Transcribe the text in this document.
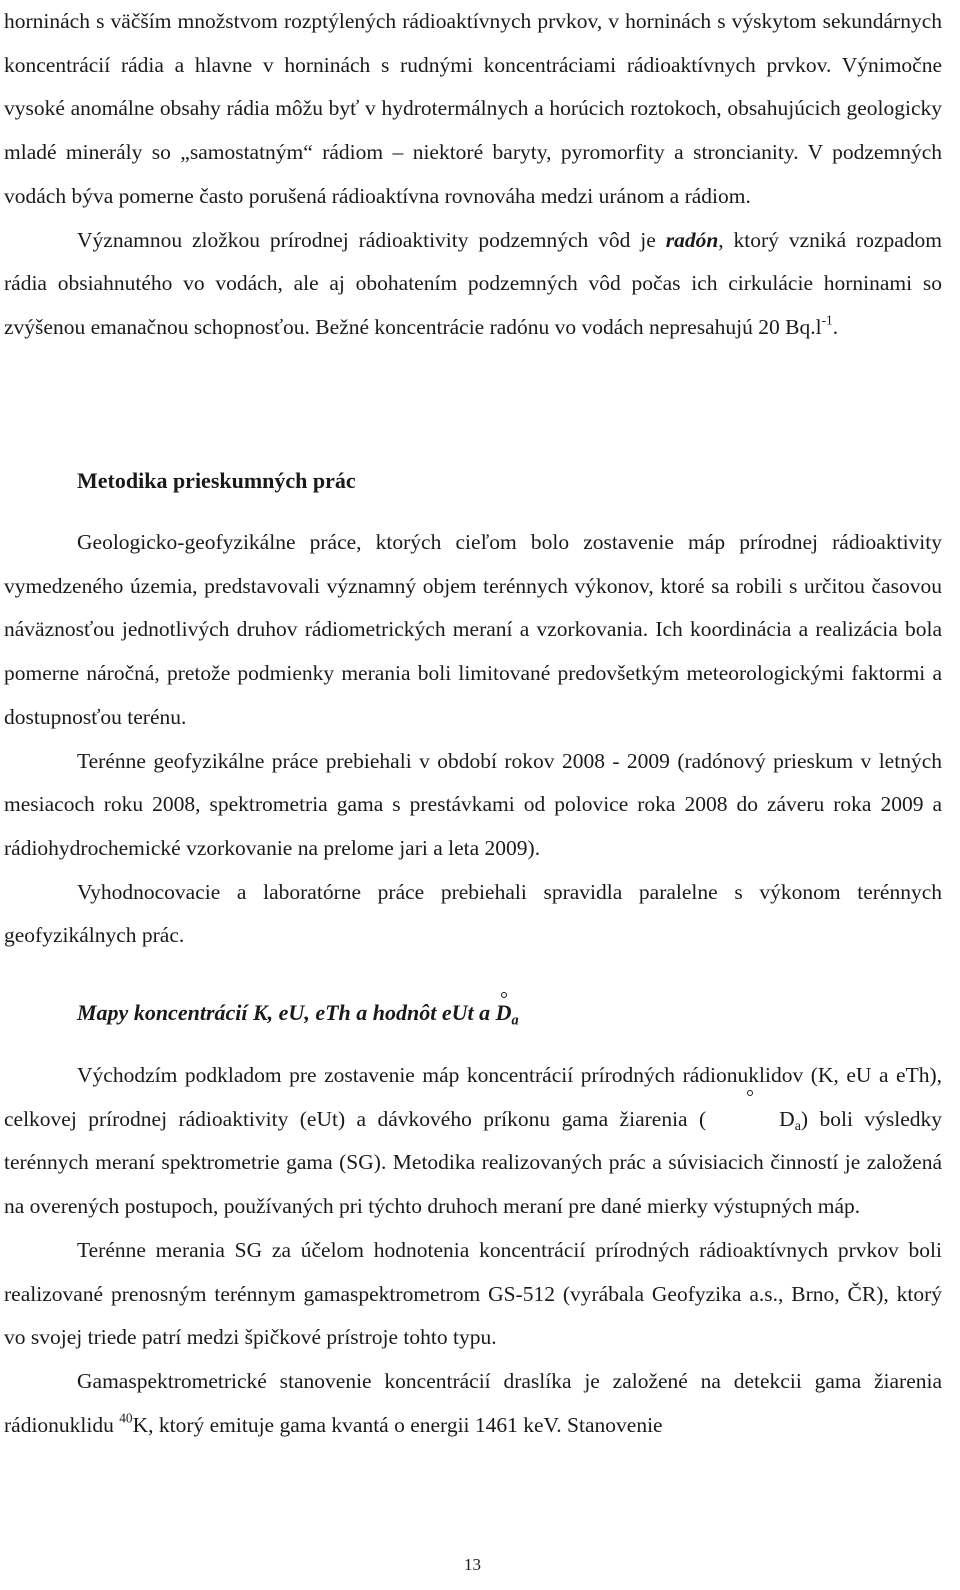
horninách s väčším množstvom rozptýlených rádioaktívnych prvkov, v horninách s výskytom sekundárnych koncentrácií rádia a hlavne v horninách s rudnými koncentráciami rádioaktívnych prvkov. Výnimočne vysoké anomálne obsahy rádia môžu byť v hydrotermálnych a horúcich roztokoch, obsahujúcich geologicky mladé minerály so „samostatným“ rádiom – niektoré baryty, pyromorfity a stroncianity. V podzemných vodách býva pomerne často porušená rádioaktívna rovnováha medzi uránom a rádiom.

Významnou zložkou prírodnej rádioaktivity podzemných vôd je radón, ktorý vzniká rozpadom rádia obsiahnutého vo vodách, ale aj obohatením podzemných vôd počas ich cirkulácie horninami so zvýšenou emanačnou schopnosťou. Bežné koncentrácie radónu vo vodách nepresahujú 20 $Bq.l^{-1}$.

Metodika prieskumných prác

Geologicko-geofyzikálne práce, ktorých cieľom bolo zostavenie máp prírodnej rádioaktivity vymedzeného územia, predstavovali významný objem terénnych výkonov, ktoré sa robili s určitou časovou náväznosťou jednotlivých druhov rádiometrických meraní a vzorkovania. Ich koordinácia a realizácia bola pomerne náročná, pretože podmienky merania boli limitované predovšetkým meteorologickými faktormi a dostupnosťou terénu.

Terénne geofyzikálne práce prebiehali v období rokov 2008 - 2009 (radónový prieskum v letných mesiacoch roku 2008, spektrometria gama s prestávkami od polovice roka 2008 do záveru roka 2009 a rádiohydrochemické vzorkovanie na prelome jari a leta 2009).

Vyhodnocovacie a laboratórne práce prebiehali spravidla paralelne s výkonom terénnych geofyzikálnych prác.

Mapy koncentrácií K, eU, eTh a hodnôt eUt a $D_a$

Východzím podkladom pre zostavenie máp koncentrácií prírodných rádionuklidov (K, eU a eTh), celkovej prírodnej rádioaktivity (eUt) a dávkového príkonu gama žiarenia (	$D_a$) boli výsledky terénnych meraní spektrometrie gama (SG). Metodika realizovaných prác a súvisiacich činností je založená na overených postupoch, používaných pri týchto druhoch meraní pre dané mierky výstupných máp.

Terénne merania SG za účelom hodnotenia koncentrácií prírodných rádioaktívnych prvkov boli realizované prenosným terénnym gamaspektrometrom GS-512 (vyrábala Geofyzika a.s., Brno, ČR), ktorý vo svojej triede patrí medzi špičkové prístroje tohto typu.

Gamaspektrometrické stanovenie koncentrácií draslíka je založené na detekcii gama žiarenia rádionuklidu $^{40}$K, ktorý emituje gama kvantá o energii 1461 keV. Stanovenie

13
